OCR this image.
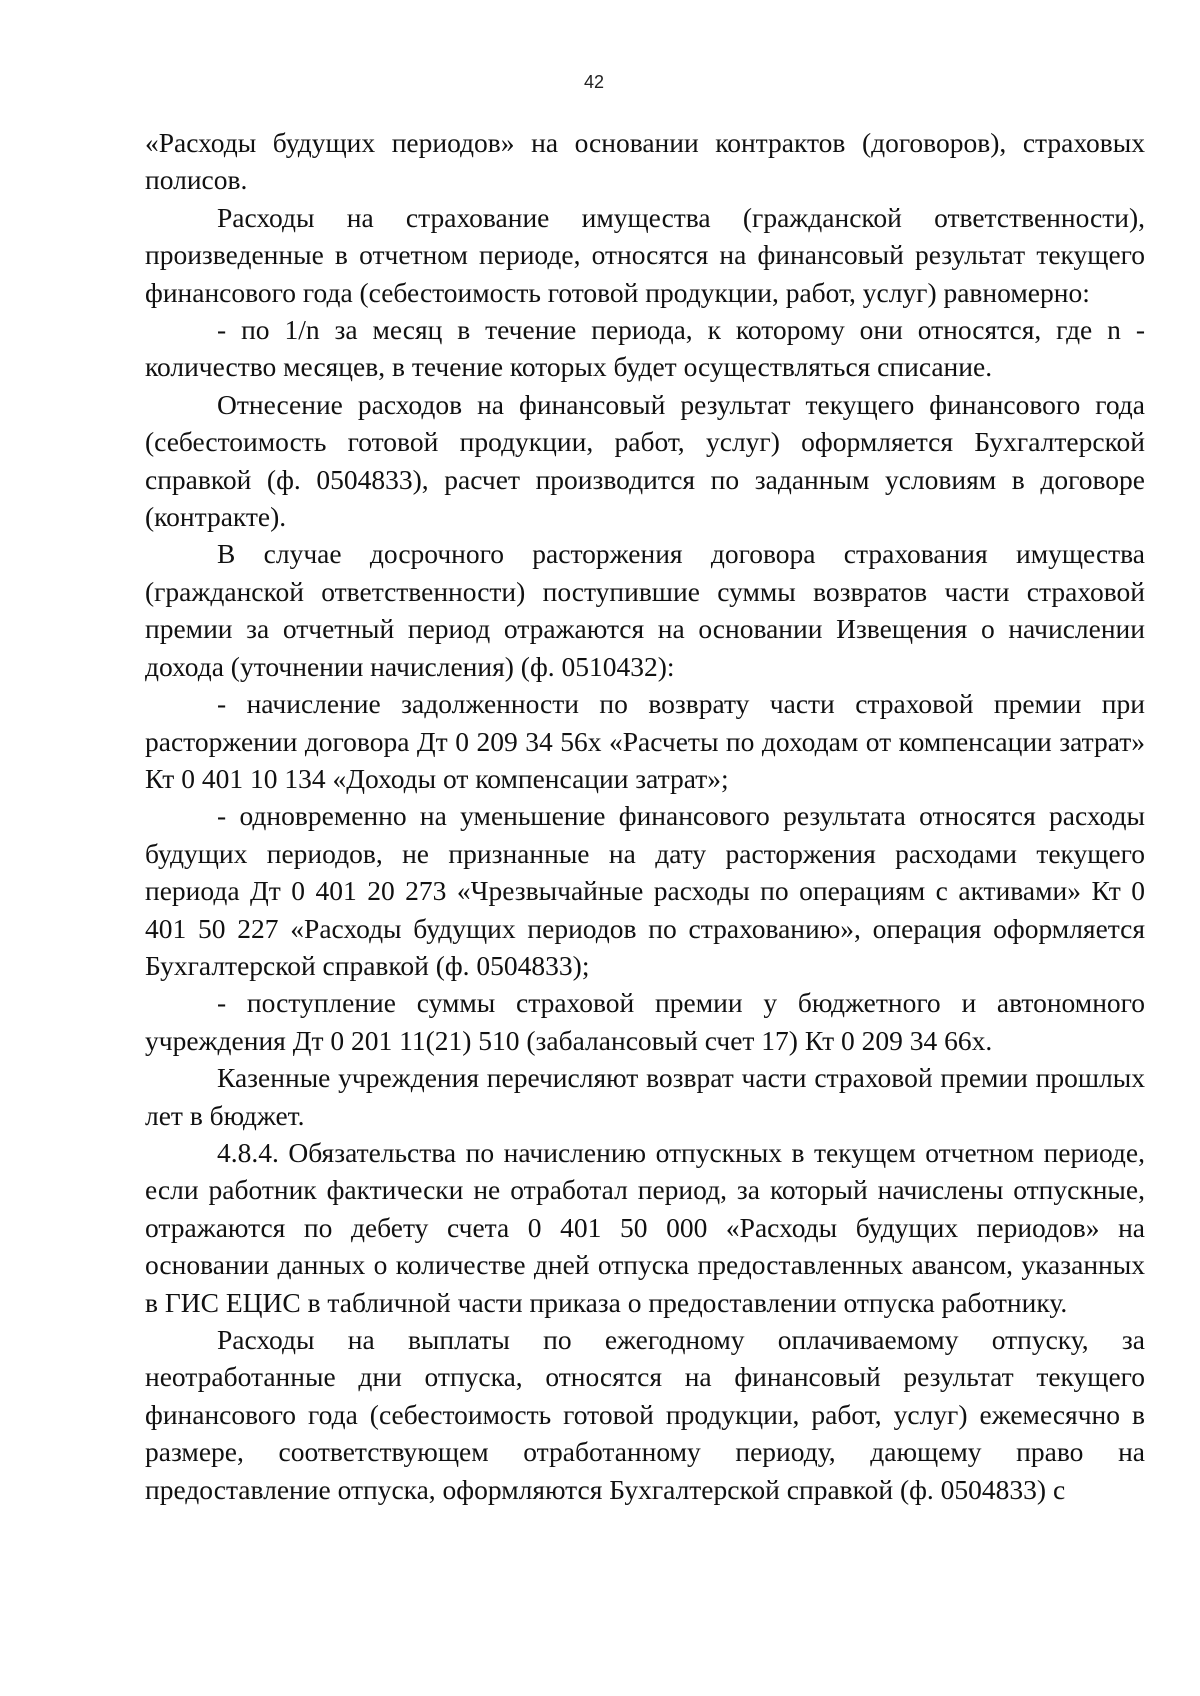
42

«Расходы будущих периодов» на основании контрактов (договоров), страховых полисов.

Расходы на страхование имущества (гражданской ответственности), произведенные в отчетном периоде, относятся на финансовый результат текущего финансового года (себестоимость готовой продукции, работ, услуг) равномерно:

- по 1/n за месяц в течение периода, к которому они относятся, где n - количество месяцев, в течение которых будет осуществляться списание.

Отнесение расходов на финансовый результат текущего финансового года (себестоимость готовой продукции, работ, услуг) оформляется Бухгалтерской справкой (ф. 0504833), расчет производится по заданным условиям в договоре (контракте).

В случае досрочного расторжения договора страхования имущества (гражданской ответственности) поступившие суммы возвратов части страховой премии за отчетный период отражаются на основании Извещения о начислении дохода (уточнении начисления) (ф. 0510432):

- начисление задолженности по возврату части страховой премии при расторжении договора Дт 0 209 34 56х «Расчеты по доходам от компенсации затрат» Кт 0 401 10 134 «Доходы от компенсации затрат»;

- одновременно на уменьшение финансового результата относятся расходы будущих периодов, не признанные на дату расторжения расходами текущего периода Дт 0 401 20 273 «Чрезвычайные расходы по операциям с активами» Кт 0 401 50 227 «Расходы будущих периодов по страхованию», операция оформляется Бухгалтерской справкой (ф. 0504833);

- поступление суммы страховой премии у бюджетного и автономного учреждения Дт 0 201 11(21) 510 (забалансовый счет 17) Кт 0 209 34 66х.

Казенные учреждения перечисляют возврат части страховой премии прошлых лет в бюджет.

4.8.4. Обязательства по начислению отпускных в текущем отчетном периоде, если работник фактически не отработал период, за который начислены отпускные, отражаются по дебету счета 0 401 50 000 «Расходы будущих периодов» на основании данных о количестве дней отпуска предоставленных авансом, указанных в ГИС ЕЦИС в табличной части приказа о предоставлении отпуска работнику.

Расходы на выплаты по ежегодному оплачиваемому отпуску, за неотработанные дни отпуска, относятся на финансовый результат текущего финансового года (себестоимость готовой продукции, работ, услуг) ежемесячно в размере, соответствующем отработанному периоду, дающему право на предоставление отпуска, оформляются Бухгалтерской справкой (ф. 0504833) с
